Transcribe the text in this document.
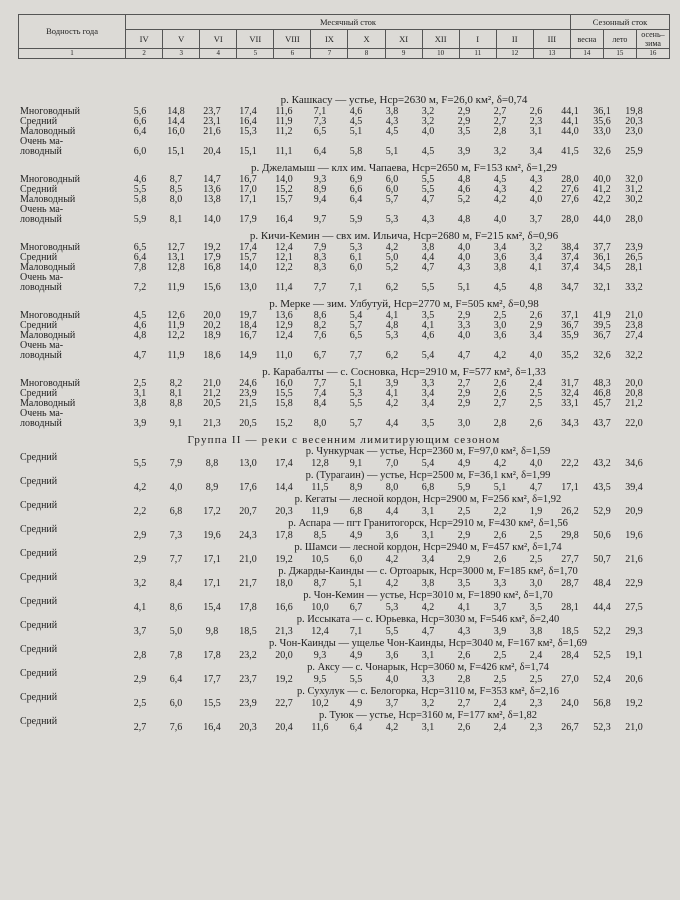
Водность года	Месячный сток												Сезонный сток		
	IV	V	VI	VII	VIII	IX	X	XI	XII	I	II	III	весна	лето	осень–
зима
1	2	3	4	5	6	7	8	9	10	11	12	13	14	15	16
р. Кашкасу — устье, Hср=2630 м, F=26,0 км², δ=0,74
Многоводный	5,6	14,8	23,7	17,4	11,6	7,1	4,6	3,8	3,2	2,9	2,7	2,6	44,1	36,1	19,8
Средний	6,6	14,4	23,1	16,4	11,9	7,3	4,5	4,3	3,2	2,9	2,7	2,3	44,1	35,6	20,3
Маловодный	6,4	16,0	21,6	15,3	11,2	6,5	5,1	4,5	4,0	3,5	2,8	3,1	44,0	33,0	23,0
Очень ма-
ловодный	6,0	15,1	20,4	15,1	11,1	6,4	5,8	5,1	4,5	3,9	3,2	3,4	41,5	32,6	25,9
р. Джеламыш — клх им. Чапаева, Hср=2650 м, F=153 км², δ=1,29
Многоводный	4,6	8,7	14,7	16,7	14,0	9,3	6,9	6,0	5,5	4,8	4,5	4,3	28,0	40,0	32,0
Средний	5,5	8,5	13,6	17,0	15,2	8,9	6,6	6,0	5,5	4,6	4,3	4,2	27,6	41,2	31,2
Маловодный	5,8	8,0	13,8	17,1	15,7	9,4	6,4	5,7	4,7	5,2	4,2	4,0	27,6	42,2	30,2
Очень ма-
ловодный	5,9	8,1	14,0	17,9	16,4	9,7	5,9	5,3	4,3	4,8	4,0	3,7	28,0	44,0	28,0
р. Кичи-Кемин — свх им. Ильича, Hср=2680 м, F=215 км², δ=0,96
Многоводный	6,5	12,7	19,2	17,4	12,4	7,9	5,3	4,2	3,8	4,0	3,4	3,2	38,4	37,7	23,9
Средний	6,4	13,1	17,9	15,7	12,1	8,3	6,1	5,0	4,4	4,0	3,6	3,4	37,4	36,1	26,5
Маловодный	7,8	12,8	16,8	14,0	12,2	8,3	6,0	5,2	4,7	4,3	3,8	4,1	37,4	34,5	28,1
Очень ма-
ловодный	7,2	11,9	15,6	13,0	11,4	7,7	7,1	6,2	5,5	5,1	4,5	4,8	34,7	32,1	33,2
р. Мерке — зим. Улбутуй, Hср=2770 м, F=505 км², δ=0,98
Многоводный	4,5	12,6	20,0	19,7	13,6	8,6	5,4	4,1	3,5	2,9	2,5	2,6	37,1	41,9	21,0
Средний	4,6	11,9	20,2	18,4	12,9	8,2	5,7	4,8	4,1	3,3	3,0	2,9	36,7	39,5	23,8
Маловодный	4,8	12,2	18,9	16,7	12,4	7,6	6,5	5,3	4,6	4,0	3,6	3,4	35,9	36,7	27,4
Очень ма-
ловодный	4,7	11,9	18,6	14,9	11,0	6,7	7,7	6,2	5,4	4,7	4,2	4,0	35,2	32,6	32,2
р. Карабалты — с. Сосновка, Hср=2910 м, F=577 км², δ=1,33
Многоводный	2,5	8,2	21,0	24,6	16,0	7,7	5,1	3,9	3,3	2,7	2,6	2,4	31,7	48,3	20,0
Средний	3,1	8,1	21,2	23,9	15,5	7,4	5,3	4,1	3,4	2,9	2,6	2,5	32,4	46,8	20,8
Маловодный	3,8	8,8	20,5	21,5	15,8	8,4	5,5	4,2	3,4	2,9	2,7	2,5	33,1	45,7	21,2
Очень ма-
ловодный	3,9	9,1	21,3	20,5	15,2	8,0	5,7	4,4	3,5	3,0	2,8	2,6	34,3	43,7	22,0
Группа II — реки с весенним лимитирующим сезоном
р. Чункурчак — устье, Hср=2360 м, F=97,0 км², δ=1,59
Средний
5,5	7,9	8,8	13,0	17,4	12,8	9,1	7,0	5,4	4,9	4,2	4,0	22,2	43,2	34,6
р. (Турагаин) — устье, Hср=2500 м, F=36,1 км², δ=1,99
Средний
4,2	4,0	8,9	17,6	14,4	11,5	8,9	8,0	6,8	5,9	5,1	4,7	17,1	43,5	39,4
р. Кегаты — лесной кордон, Hср=2900 м, F=256 км², δ=1,92
Средний
2,2	6,8	17,2	20,7	20,3	11,9	6,8	4,4	3,1	2,5	2,2	1,9	26,2	52,9	20,9
р. Аспара — пгт Гранитогорск, Hср=2910 м, F=430 км², δ=1,56
Средний
2,9	7,3	19,6	24,3	17,8	8,5	4,9	3,6	3,1	2,9	2,6	2,5	29,8	50,6	19,6
р. Шамси — лесной кордон, Hср=2940 м, F=457 км², δ=1,74
Средний
2,9	7,7	17,1	21,0	19,2	10,5	6,0	4,2	3,4	2,9	2,6	2,5	27,7	50,7	21,6
р. Джарды-Каинды — с. Ортоарык, Hср=3000 м, F=185 км², δ=1,70
Средний
3,2	8,4	17,1	21,7	18,0	8,7	5,1	4,2	3,8	3,5	3,3	3,0	28,7	48,4	22,9
р. Чон-Кемин — устье, Hср=3010 м, F=1890 км², δ=1,70
Средний
4,1	8,6	15,4	17,8	16,6	10,0	6,7	5,3	4,2	4,1	3,7	3,5	28,1	44,4	27,5
р. Иссыката — с. Юрьевка, Hср=3030 м, F=546 км², δ=2,40
Средний
3,7	5,0	9,8	18,5	21,3	12,4	7,1	5,5	4,7	4,3	3,9	3,8	18,5	52,2	29,3
р. Чон-Каинды — ущелье Чон-Каинды, Hср=3040 м, F=167 км², δ=1,69
Средний
2,8	7,8	17,8	23,2	20,0	9,3	4,9	3,6	3,1	2,6	2,5	2,4	28,4	52,5	19,1
р. Аксу — с. Чонарык, Hср=3060 м, F=426 км², δ=1,74
Средний
2,9	6,4	17,7	23,7	19,2	9,5	5,5	4,0	3,3	2,8	2,5	2,5	27,0	52,4	20,6
р. Сухулук — с. Белогорка, Hср=3110 м, F=353 км², δ=2,16
Средний
2,5	6,0	15,5	23,9	22,7	10,2	4,9	3,7	3,2	2,7	2,4	2,3	24,0	56,8	19,2
р. Туюк — устье, Hср=3160 м, F=177 км², δ=1,82
Средний
2,7	7,6	16,4	20,3	20,4	11,6	6,4	4,2	3,1	2,6	2,4	2,3	26,7	52,3	21,0
